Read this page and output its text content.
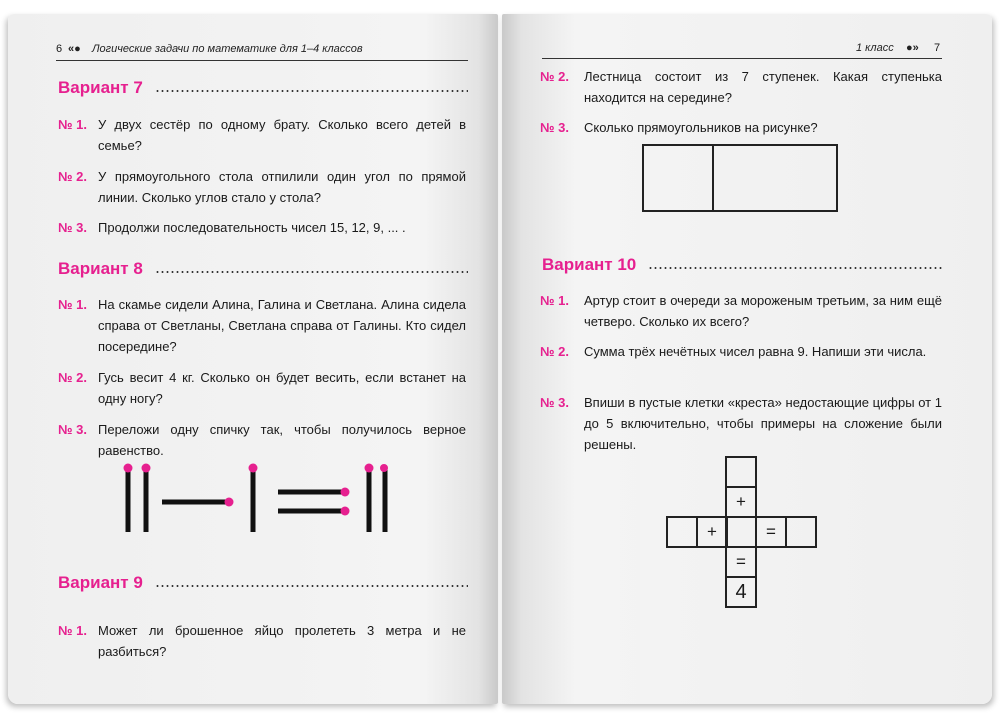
6 «● Логические задачи по математике для 1–4 классов
Вариант 7
№ 1. У двух сестёр по одному брату. Сколько всего детей в семье?
№ 2. У прямоугольного стола отпилили один угол по прямой линии. Сколько углов стало у стола?
№ 3. Продолжи последовательность чисел 15, 12, 9, ... .
Вариант 8
№ 1. На скамье сидели Алина, Галина и Светлана. Алина сидела справа от Светланы, Светлана справа от Галины. Кто сидел посередине?
№ 2. Гусь весит 4 кг. Сколько он будет весить, если встанет на одну ногу?
№ 3. Переложи одну спичку так, чтобы получилось верное равенство.
Вариант 9
№ 1. Может ли брошенное яйцо пролететь 3 метра и не разбиться?
1 класс ●» 7
№ 2. Лестница состоит из 7 ступенек. Какая ступенька находится на середине?
№ 3. Сколько прямоугольников на рисунке?
Вариант 10
№ 1. Артур стоит в очереди за мороженым третьим, за ним ещё четверо. Сколько их всего?
№ 2. Сумма трёх нечётных чисел равна 9. Напиши эти числа.
№ 3. Впиши в пустые клетки «креста» недостающие цифры от 1 до 5 включительно, чтобы примеры на сложение были решены.
+
+	=
=
4
